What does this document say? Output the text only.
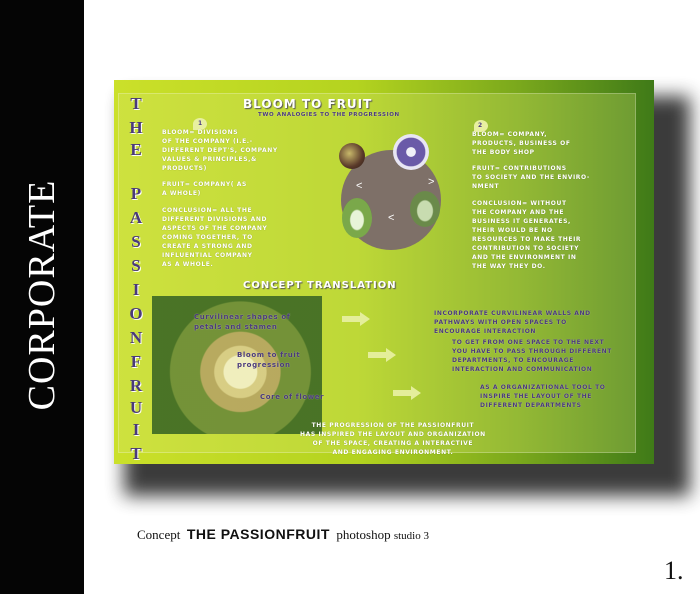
CORPORATE
T
H
E
P
A
S
S
I
O
N
F
R
U
I
T
BLOOM TO FRUIT
TWO ANALOGIES TO THE PROGRESSION
1	2
BLOOM= DIVISIONS
OF THE COMPANY (I.E.-
DIFFERENT DEPT'S, COMPANY
VALUES & PRINCIPLES,&
PRODUCTS)
FRUIT= COMPANY( AS
A WHOLE)
CONCLUSION= ALL THE
DIFFERENT DIVISIONS AND
ASPECTS OF THE COMPANY
COMING TOGETHER, TO
CREATE A STRONG AND
INFLUENTIAL COMPANY
AS A WHOLE.
BLOOM= COMPANY,
PRODUCTS, BUSINESS OF
THE BODY SHOP
FRUIT= CONTRIBUTIONS
TO SOCIETY AND THE ENVIRO-
NMENT
CONCLUSION= WITHOUT
THE COMPANY AND THE
BUSINESS IT GENERATES,
THEIR WOULD BE NO
RESOURCES TO MAKE THEIR
CONTRIBUTION TO SOCIETY
AND THE ENVIRONMENT IN
THE WAY THEY DO.
<	>
<
CONCEPT TRANSLATION
Curvilinear shapes of
petals and stamen
Bloom to fruit
progression
Core of flower
INCORPORATE CURVILINEAR WALLS AND
PATHWAYS WITH OPEN SPACES TO
ENCOURAGE INTERACTION
TO GET FROM ONE SPACE TO THE NEXT
YOU HAVE TO PASS THROUGH DIFFERENT
DEPARTMENTS, TO ENCOURAGE
INTERACTION AND COMMUNICATION
AS A ORGANIZATIONAL TOOL TO
INSPIRE THE LAYOUT OF THE
DIFFERENT DEPARTMENTS
THE PROGRESSION OF THE PASSIONFRUIT
HAS INSPIRED THE LAYOUT AND ORGANIZATION
OF THE SPACE, CREATING A INTERACTIVE
AND ENGAGING ENVIRONMENT.
Concept THE PASSIONFRUIT photoshop studio 3
1.
